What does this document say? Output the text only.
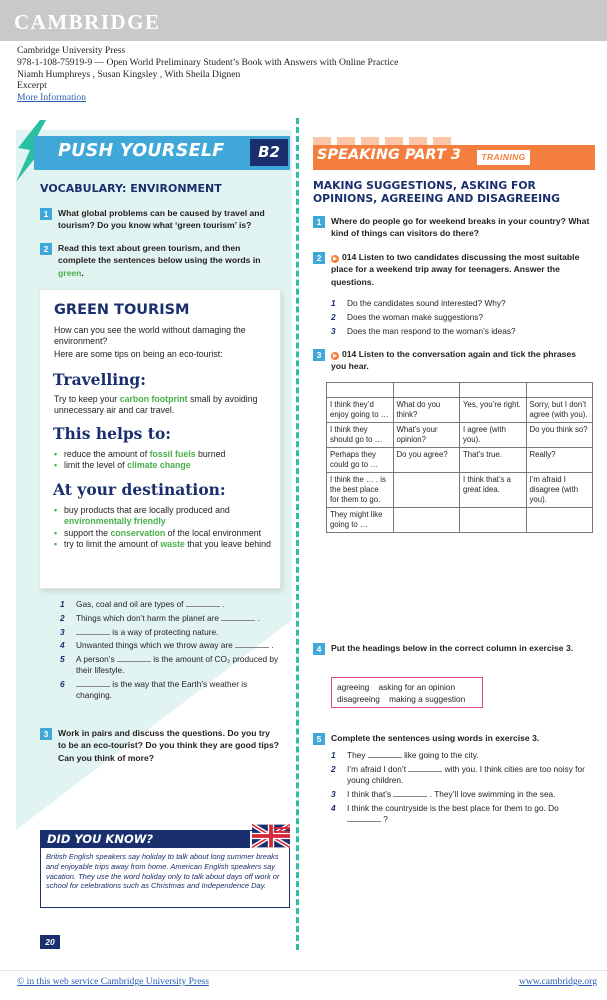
CAMBRIDGE
Cambridge University Press
978-1-108-75919-9 — Open World Preliminary Student’s Book with Answers with Online Practice
Niamh Humphreys , Susan Kingsley , With Sheila Dignen
Excerpt
More Information
PUSH YOURSELF	B2
VOCABULARY: ENVIRONMENT
1	What global problems can be caused by travel and tourism? Do you know what ‘green tourism’ is?
2	Read this text about green tourism, and then complete the sentences below using the words in green.
GREEN TOURISM
How can you see the world without damaging the environment?
Here are some tips on being an eco-tourist:
Travelling:
Try to keep your carbon footprint small by avoiding unnecessary air and car travel.
This helps to:
• reduce the amount of fossil fuels burned
• limit the level of climate change
At your destination:
• buy products that are locally produced and environmentally friendly
• support the conservation of the local environment
• try to limit the amount of waste that you leave behind
1 Gas, coal and oil are types of	.
2 Things which don’t harm the planet are	.
3	is a way of protecting nature.
4 Unwanted things which we throw away are	.
5 A person’s	is the amount of CO₂ produced by their lifestyle.
6	is the way that the Earth’s weather is changing.
3	Work in pairs and discuss the questions. Do you try to be an eco-tourist? Do you think they are good tips? Can you think of more?
DID YOU KNOW?
British English speakers say holiday to talk about long summer breaks and enjoyable trips away from home. American English speakers say vacation. They use the word holiday only to talk about days off work or school for celebrations such as Christmas and Independence Day.
20
SPEAKING PART 3	TRAINING
MAKING SUGGESTIONS, ASKING FOR OPINIONS, AGREEING AND DISAGREEING
1	Where do people go for weekend breaks in your country? What kind of things can visitors do there?
2	▶ 014 Listen to two candidates discussing the most suitable place for a weekend trip away for teenagers. Answer the questions.
1 Do the candidates sound interested? Why?
2 Does the woman make suggestions?
3 Does the man respond to the woman’s ideas?
3	▶ 014 Listen to the conversation again and tick the phrases you hear.

I think they’d enjoy going to …	What do you think?	Yes, you’re right.	Sorry, but I don’t agree (with you).
I think they should go to …	What’s your opinion?	I agree (with you).	Do you think so?
Perhaps they could go to …	Do you agree?	That’s true.	Really?
I think the … . is the best place for them to go.		I think that’s a great idea.	I’m afraid I disagree (with you).
They might like going to …			
4	Put the headings below in the correct column in exercise 3.
agreeing    asking for an opinion
disagreeing    making a suggestion
5	Complete the sentences using words in exercise 3.
1 They	like going to the city.
2 I’m afraid I don’t	with you. I think cities are too noisy for young children.
3 I think that’s	. They’ll love swimming in the sea.
4 I think the countryside is the best place for them to go. Do  ?
© in this web service Cambridge University Press	www.cambridge.org
